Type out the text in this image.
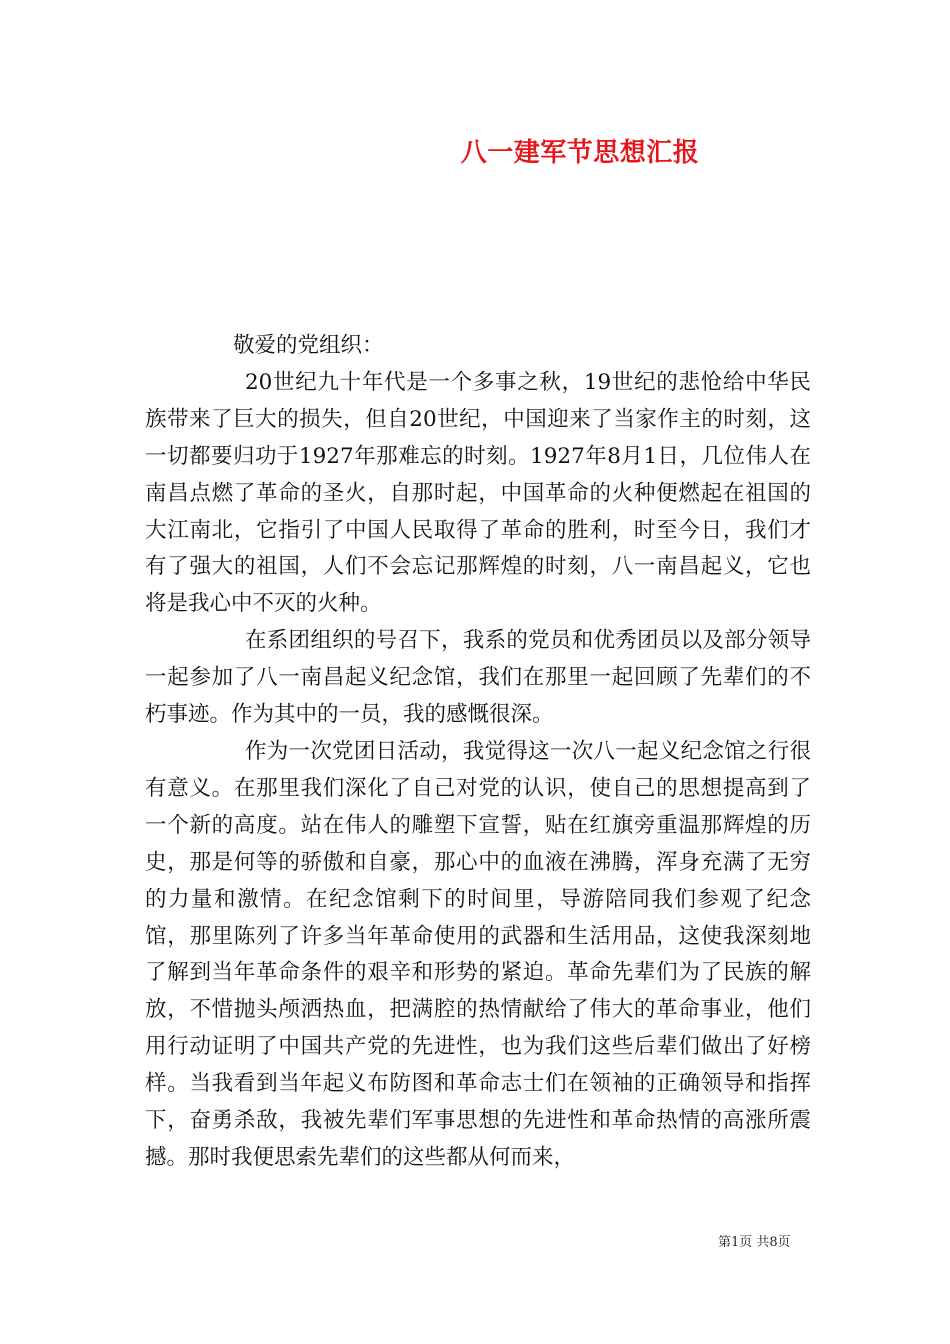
八一建军节思想汇报

敬爱的党组织：

20世纪九十年代是一个多事之秋，19世纪的悲怆给中华民族带来了巨大的损失，但自20世纪，中国迎来了当家作主的时刻，这一切都要归功于1927年那难忘的时刻。1927年8月1日，几位伟人在南昌点燃了革命的圣火，自那时起，中国革命的火种便燃起在祖国的大江南北，它指引了中国人民取得了革命的胜利，时至今日，我们才有了强大的祖国，人们不会忘记那辉煌的时刻，八一南昌起义，它也将是我心中不灭的火种。

在系团组织的号召下，我系的党员和优秀团员以及部分领导一起参加了八一南昌起义纪念馆，我们在那里一起回顾了先辈们的不朽事迹。作为其中的一员，我的感慨很深。

作为一次党团日活动，我觉得这一次八一起义纪念馆之行很有意义。在那里我们深化了自己对党的认识，使自己的思想提高到了一个新的高度。站在伟人的雕塑下宣誓，贴在红旗旁重温那辉煌的历史，那是何等的骄傲和自豪，那心中的血液在沸腾，浑身充满了无穷的力量和激情。在纪念馆剩下的时间里，导游陪同我们参观了纪念馆，那里陈列了许多当年革命使用的武器和生活用品，这使我深刻地了解到当年革命条件的艰辛和形势的紧迫。革命先辈们为了民族的解放，不惜抛头颅洒热血，把满腔的热情献给了伟大的革命事业，他们用行动证明了中国共产党的先进性，也为我们这些后辈们做出了好榜样。当我看到当年起义布防图和革命志士们在领袖的正确领导和指挥下，奋勇杀敌，我被先辈们军事思想的先进性和革命热情的高涨所震撼。那时我便思索先辈们的这些都从何而来，

第1页 共8页
